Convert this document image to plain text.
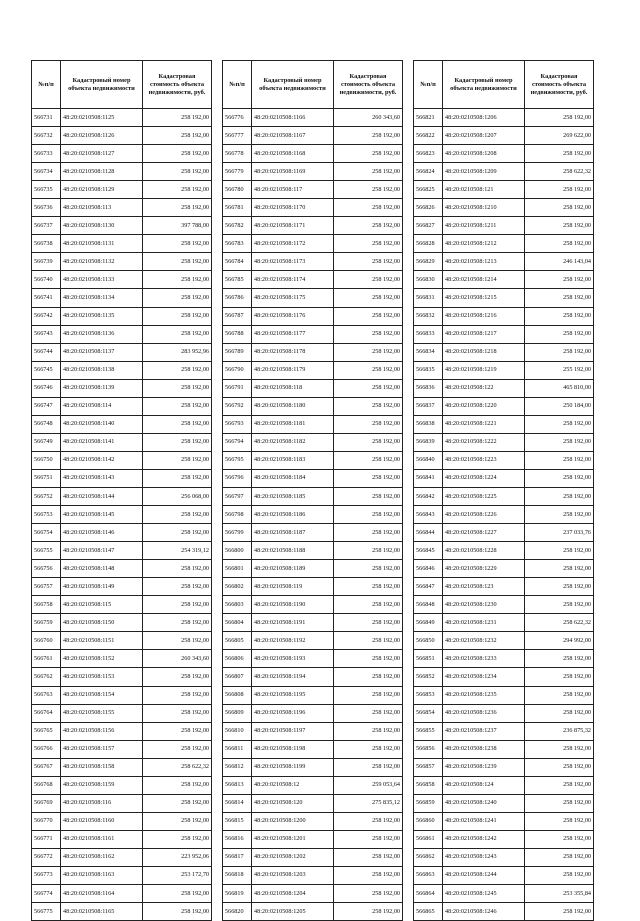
№п/п	Кадастровый номер объекта недвижимости	Кадастровая стоимость объекта недвижимости, руб.
566731	48:20:0210508:1125	258 192,00
566732	48:20:0210508:1126	258 192,00
566733	48:20:0210508:1127	258 192,00
566734	48:20:0210508:1128	258 192,00
566735	48:20:0210508:1129	258 192,00
566736	48:20:0210508:113	258 192,00
566737	48:20:0210508:1130	397 788,00
566738	48:20:0210508:1131	258 192,00
566739	48:20:0210508:1132	258 192,00
566740	48:20:0210508:1133	258 192,00
566741	48:20:0210508:1134	258 192,00
566742	48:20:0210508:1135	258 192,00
566743	48:20:0210508:1136	258 192,00
566744	48:20:0210508:1137	283 952,96
566745	48:20:0210508:1138	258 192,00
566746	48:20:0210508:1139	258 192,00
566747	48:20:0210508:114	258 192,00
566748	48:20:0210508:1140	258 192,00
566749	48:20:0210508:1141	258 192,00
566750	48:20:0210508:1142	258 192,00
566751	48:20:0210508:1143	258 192,00
566752	48:20:0210508:1144	256 068,00
566753	48:20:0210508:1145	258 192,00
566754	48:20:0210508:1146	258 192,00
566755	48:20:0210508:1147	254 319,12
566756	48:20:0210508:1148	258 192,00
566757	48:20:0210508:1149	258 192,00
566758	48:20:0210508:115	258 192,00
566759	48:20:0210508:1150	258 192,00
566760	48:20:0210508:1151	258 192,00
566761	48:20:0210508:1152	260 343,60
566762	48:20:0210508:1153	258 192,00
566763	48:20:0210508:1154	258 192,00
566764	48:20:0210508:1155	258 192,00
566765	48:20:0210508:1156	258 192,00
566766	48:20:0210508:1157	258 192,00
566767	48:20:0210508:1158	258 622,32
566768	48:20:0210508:1159	258 192,00
566769	48:20:0210508:116	258 192,00
566770	48:20:0210508:1160	258 192,00
566771	48:20:0210508:1161	258 192,00
566772	48:20:0210508:1162	223 952,06
566773	48:20:0210508:1163	253 172,70
566774	48:20:0210508:1164	258 192,00
566775	48:20:0210508:1165	258 192,00
№п/п	Кадастровый номер объекта недвижимости	Кадастровая стоимость объекта недвижимости, руб.
566776	48:20:0210508:1166	260 343,60
566777	48:20:0210508:1167	258 192,00
566778	48:20:0210508:1168	258 192,00
566779	48:20:0210508:1169	258 192,00
566780	48:20:0210508:117	258 192,00
566781	48:20:0210508:1170	258 192,00
566782	48:20:0210508:1171	258 192,00
566783	48:20:0210508:1172	258 192,00
566784	48:20:0210508:1173	258 192,00
566785	48:20:0210508:1174	258 192,00
566786	48:20:0210508:1175	258 192,00
566787	48:20:0210508:1176	258 192,00
566788	48:20:0210508:1177	258 192,00
566789	48:20:0210508:1178	258 192,00
566790	48:20:0210508:1179	258 192,00
566791	48:20:0210508:118	258 192,00
566792	48:20:0210508:1180	258 192,00
566793	48:20:0210508:1181	258 192,00
566794	48:20:0210508:1182	258 192,00
566795	48:20:0210508:1183	258 192,00
566796	48:20:0210508:1184	258 192,00
566797	48:20:0210508:1185	258 192,00
566798	48:20:0210508:1186	258 192,00
566799	48:20:0210508:1187	258 192,00
566800	48:20:0210508:1188	258 192,00
566801	48:20:0210508:1189	258 192,00
566802	48:20:0210508:119	258 192,00
566803	48:20:0210508:1190	258 192,00
566804	48:20:0210508:1191	258 192,00
566805	48:20:0210508:1192	258 192,00
566806	48:20:0210508:1193	258 192,00
566807	48:20:0210508:1194	258 192,00
566808	48:20:0210508:1195	258 192,00
566809	48:20:0210508:1196	258 192,00
566810	48:20:0210508:1197	258 192,00
566811	48:20:0210508:1198	258 192,00
566812	48:20:0210508:1199	258 192,00
566813	48:20:0210508:12	259 053,64
566814	48:20:0210508:120	275 835,12
566815	48:20:0210508:1200	258 192,00
566816	48:20:0210508:1201	258 192,00
566817	48:20:0210508:1202	258 192,00
566818	48:20:0210508:1203	258 192,00
566819	48:20:0210508:1204	258 192,00
566820	48:20:0210508:1205	258 192,00
№п/п	Кадастровый номер объекта недвижимости	Кадастровая стоимость объекта недвижимости, руб.
566821	48:20:0210508:1206	258 192,00
566822	48:20:0210508:1207	269 622,00
566823	48:20:0210508:1208	258 192,00
566824	48:20:0210508:1209	258 622,32
566825	48:20:0210508:121	258 192,00
566826	48:20:0210508:1210	258 192,00
566827	48:20:0210508:1211	258 192,00
566828	48:20:0210508:1212	258 192,00
566829	48:20:0210508:1213	246 143,04
566830	48:20:0210508:1214	258 192,00
566831	48:20:0210508:1215	258 192,00
566832	48:20:0210508:1216	258 192,00
566833	48:20:0210508:1217	258 192,00
566834	48:20:0210508:1218	258 192,00
566835	48:20:0210508:1219	255 192,00
566836	48:20:0210508:122	465 810,00
566837	48:20:0210508:1220	250 184,00
566838	48:20:0210508:1221	258 192,00
566839	48:20:0210508:1222	258 192,00
566840	48:20:0210508:1223	258 192,00
566841	48:20:0210508:1224	258 192,00
566842	48:20:0210508:1225	258 192,00
566843	48:20:0210508:1226	258 192,00
566844	48:20:0210508:1227	237 033,76
566845	48:20:0210508:1228	258 192,00
566846	48:20:0210508:1229	258 192,00
566847	48:20:0210508:123	258 192,00
566848	48:20:0210508:1230	258 192,00
566849	48:20:0210508:1231	258 622,32
566850	48:20:0210508:1232	294 992,00
566851	48:20:0210508:1233	258 192,00
566852	48:20:0210508:1234	258 192,00
566853	48:20:0210508:1235	258 192,00
566854	48:20:0210508:1236	258 192,00
566855	48:20:0210508:1237	236 875,32
566856	48:20:0210508:1238	258 192,00
566857	48:20:0210508:1239	258 192,00
566858	48:20:0210508:124	258 192,00
566859	48:20:0210508:1240	258 192,00
566860	48:20:0210508:1241	258 192,00
566861	48:20:0210508:1242	258 192,00
566862	48:20:0210508:1243	258 192,00
566863	48:20:0210508:1244	258 192,00
566864	48:20:0210508:1245	253 355,84
566865	48:20:0210508:1246	258 192,00
